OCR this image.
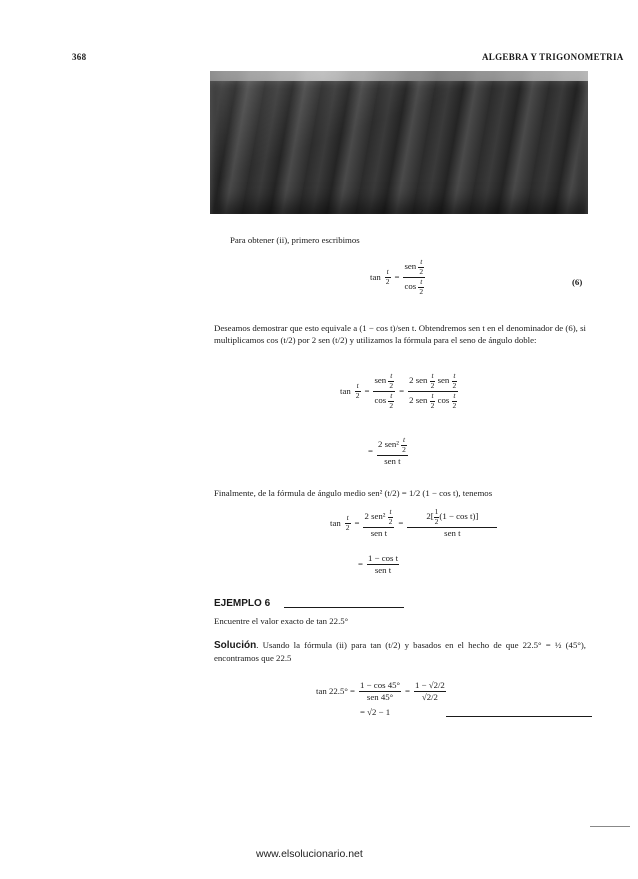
368	ALGEBRA Y TRIGONOMETRIA
Para obtener (ii), primero escribimos
$\tan \frac{t}{2} = \frac{sen \frac{t}{2}}{\cos \frac{t}{2}}$	(6)
Deseamos demostrar que esto equivale a (1 − cos t)/sen t. Obtendremos sen t en el denominador de (6), si multiplicamos cos (t/2) por 2 sen (t/2) y utilizamos la fórmula para el seno de ángulo doble:
$\tan \frac{t}{2} = \frac{sen \frac{t}{2}}{\cos \frac{t}{2}} = \frac{2 sen \frac{t}{2} sen \frac{t}{2}}{2 sen \frac{t}{2} \cos \frac{t}{2}}$
= $\frac{2 sen^2 \frac{t}{2}}{\text{sen t}}$
Finalmente, de la fórmula de ángulo medio sen² (t/2) = 1/2 (1 − cos t), tenemos
$\tan \frac{t}{2} = \frac{2 sen^2 \frac{t}{2}}{\text{sen t}} = \frac{2[ \frac{1}{2} (1 - \cos t)]}{\text{sen t}}$
= $\frac{\text{1 − cos t}}{\text{sen t}}$
EJEMPLO 6
Encuentre el valor exacto de tan 22.5°
Solución. Usando la fórmula (ii) para tan (t/2) y basados en el hecho de que 22.5° = ½ (45°), encontramos que 22.5
$\tan 22.5^\circ = \frac{1 - \cos 45^\circ}{\text{sen 45°}} = \frac{1 - √2/2}{√2/2}$
= √2 − 1
www.elsolucionario.net
